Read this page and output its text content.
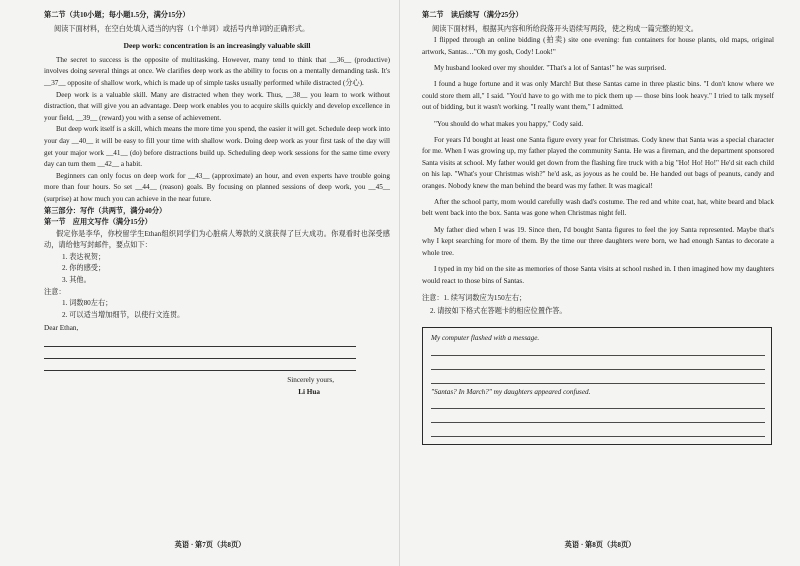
第二节（共10小题；每小题1.5分，满分15分）

阅读下面材料，在空白处填入适当的内容（1个单词）或括号内单词的正确形式。

Deep work: concentration is an increasingly valuable skill

The secret to success is the opposite of multitasking. However, many tend to think that __36__ (productive) involves doing several things at once. We clarifies deep work as the ability to focus on a mentally demanding task. It's __37__ opposite of shallow work, which is made up of simple tasks usually performed while distracted (分心).

Deep work is a valuable skill. Many are distracted when they work. Thus, __38__ you learn to work without distraction, that will give you an advantage. Deep work enables you to acquire skills quickly and develop excellence in your field, __39__ (reward) you with a sense of achievement.

But deep work itself is a skill, which means the more time you spend, the easier it will get. Schedule deep work into your day __40__ it will be easy to fill your time with shallow work. Doing deep work as your first task of the day will get your major work __41__ (do) before distractions build up. Scheduling deep work sessions for the same time every day can turn them __42__ a habit.

Beginners can only focus on deep work for __43__ (approximate) an hour, and even experts have trouble going more than four hours. So set __44__ (reason) goals. By focusing on planned sessions of deep work, you __45__ (surprise) at how much you can achieve in the near future.

第三部分：写作（共两节，满分40分）

第一节　应用文写作（满分15分）

假定你是李华，你校留学生Ethan组织同学们为心脏病人筹款的义演获得了巨大成功。你观看时也深受感动，请给他写封邮件，要点如下：

1. 表达祝贺；

2. 你的感受；

3. 其他。

注意：

1. 词数80左右；

2. 可以适当增加细节，以使行文连贯。

Dear Ethan,

Sincerely yours,

Li Hua

英语 · 第7页（共8页）

第二节　读后续写（满分25分）

阅读下面材料，根据其内容和所给段落开头语续写两段，使之构成一篇完整的短文。

I flipped through an online bidding (拍卖) site one evening: fun containers for house plants, old maps, original artwork, Santas…"Oh my gosh, Cody! Look!"

My husband looked over my shoulder. "That's a lot of Santas!" he was surprised.

I found a huge fortune and it was only March! But these Santas came in three plastic bins. "I don't know where we could store them all," I said. "You'd have to go with me to pick them up — those bins look heavy." I tried to talk myself out of bidding, but it wasn't working. "I really want them," I admitted.

"You should do what makes you happy," Cody said.

For years I'd bought at least one Santa figure every year for Christmas. Cody knew that Santa was a special character for me. When I was growing up, my father played the community Santa. He was a fireman, and the department sponsored Santa visits at school. My father would get down from the flashing fire truck with a big "Ho! Ho! Ho!" He'd sit each child on his lap. "What's your Christmas wish?" he'd ask, as joyous as he could be. He handed out bags of peanuts, candy and oranges. Nobody knew the man behind the beard was my father. It was magical!

After the school party, mom would carefully wash dad's costume. The red and white coat, hat, white beard and black belt went back into the box. Santa was gone when Christmas night fell.

My father died when I was 19. Since then, I'd bought Santa figures to feel the joy Santa represented. Maybe that's why I kept searching for more of them. By the time our three daughters were born, we had enough Santas to decorate a whole tree.

I typed in my bid on the site as memories of those Santa visits at school rushed in. I then imagined how my daughters would react to those bins of Santas.

注意：1. 续写词数应为150左右；

2. 请按如下格式在答题卡的相应位置作答。

My computer flashed with a message.

"Santas? In March?" my daughters appeared confused.

英语 · 第8页（共8页）
